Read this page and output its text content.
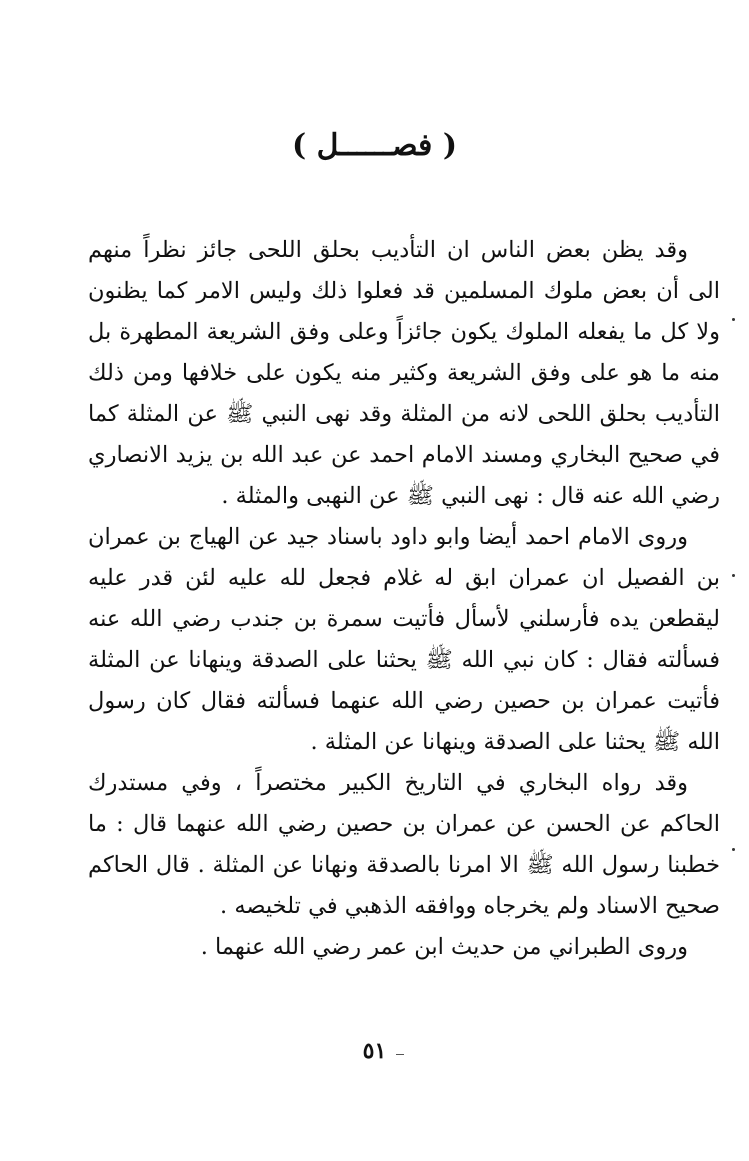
( فصــــــل )

وقد يظن بعض الناس ان التأديب بحلق اللحى جائز نظراً منهم الى أن بعض ملوك المسلمين قد فعلوا ذلك وليس الامر كما يظنون ولا كل ما يفعله الملوك يكون جائزاً وعلى وفق الشريعة المطهرة بل منه ما هو على وفق الشريعة وكثير منه يكون على خلافها ومن ذلك التأديب بحلق اللحى لانه من المثلة وقد نهى النبي ﷺ عن المثلة كما في صحيح البخاري ومسند الامام احمد عن عبد الله بن يزيد الانصاري رضي الله عنه قال : نهى النبي ﷺ عن النهبى والمثلة .

وروى الامام احمد أيضا وابو داود باسناد جيد عن الهياج بن عمران بن الفصيل ان عمران ابق له غلام فجعل لله عليه لئن قدر عليه ليقطعن يده فأرسلني لأسأل فأتيت سمرة بن جندب رضي الله عنه فسألته فقال : كان نبي الله ﷺ يحثنا على الصدقة وينهانا عن المثلة فأتيت عمران بن حصين رضي الله عنهما فسألته فقال كان رسول الله ﷺ يحثنا على الصدقة وينهانا عن المثلة .

وقد رواه البخاري في التاريخ الكبير مختصراً ، وفي مستدرك الحاكم عن الحسن عن عمران بن حصين رضي الله عنهما قال : ما خطبنا رسول الله ﷺ الا امرنا بالصدقة ونهانا عن المثلة . قال الحاكم صحيح الاسناد ولم يخرجاه ووافقه الذهبي في تلخيصه .

وروى الطبراني من حديث ابن عمر رضي الله عنهما .

٥١
